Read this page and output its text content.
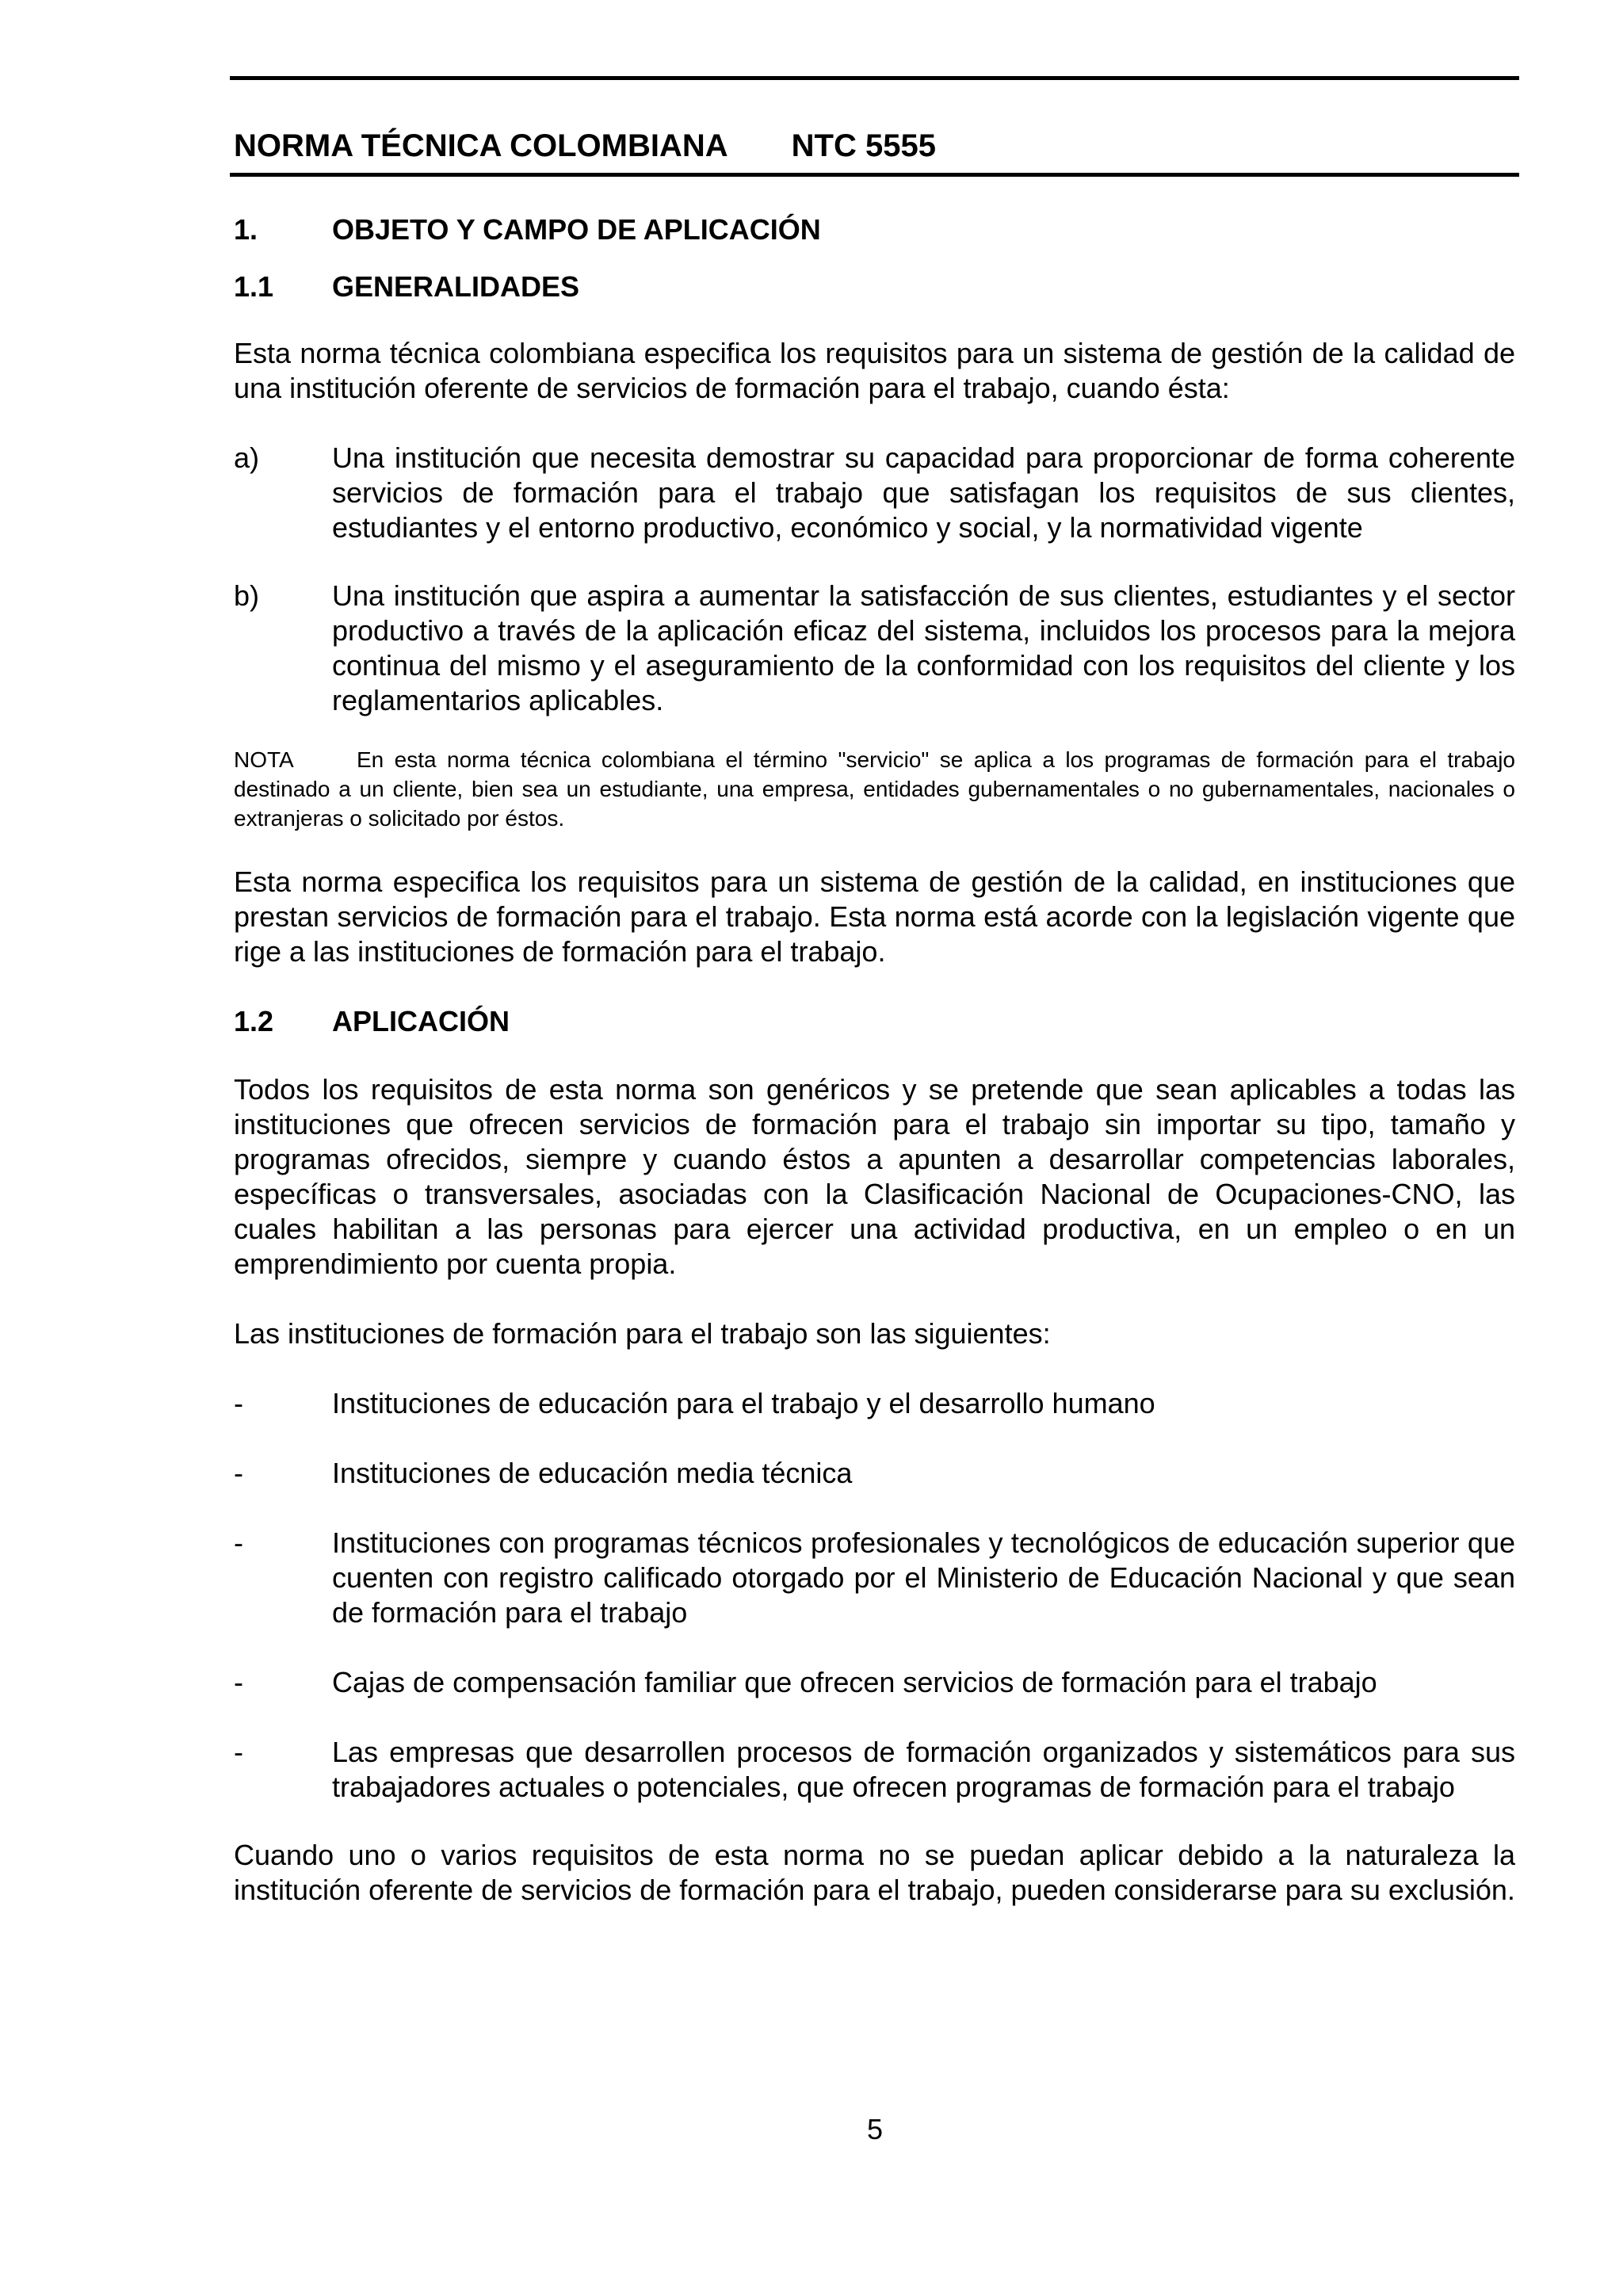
NORMA TÉCNICA COLOMBIANA NTC 5555
1.	OBJETO Y CAMPO DE APLICACIÓN
1.1	GENERALIDADES

Esta norma técnica colombiana especifica los requisitos para un sistema de gestión de la calidad de una institución oferente de servicios de formación para el trabajo, cuando ésta:

a)	Una institución que necesita demostrar su capacidad para proporcionar de forma coherente servicios de formación para el trabajo que satisfagan los requisitos de sus clientes, estudiantes y el entorno productivo, económico y social, y la normatividad vigente
b)	Una institución que aspira a aumentar la satisfacción de sus clientes, estudiantes y el sector productivo a través de la aplicación eficaz del sistema, incluidos los procesos para la mejora continua del mismo y el aseguramiento de la conformidad con los requisitos del cliente y los reglamentarios aplicables.

NOTA	En esta norma técnica colombiana el término "servicio" se aplica a los programas de formación para el trabajo destinado a un cliente, bien sea un estudiante, una empresa, entidades gubernamentales o no gubernamentales, nacionales o extranjeras o solicitado por éstos.

Esta norma especifica los requisitos para un sistema de gestión de la calidad, en instituciones que prestan servicios de formación para el trabajo. Esta norma está acorde con la legislación vigente que rige a las instituciones de formación para el trabajo.

1.2	APLICACIÓN

Todos los requisitos de esta norma son genéricos y se pretende que sean aplicables a todas las instituciones que ofrecen servicios de formación para el trabajo sin importar su tipo, tamaño y programas ofrecidos, siempre y cuando éstos a apunten a desarrollar competencias laborales, específicas o transversales, asociadas con la Clasificación Nacional de Ocupaciones-CNO, las cuales habilitan a las personas para ejercer una actividad productiva, en un empleo o en un emprendimiento por cuenta propia.

Las instituciones de formación para el trabajo son las siguientes:

-	Instituciones de educación para el trabajo y el desarrollo humano
-	Instituciones de educación media técnica
-	Instituciones con programas técnicos profesionales y tecnológicos de educación superior que cuenten con registro calificado otorgado por el Ministerio de Educación Nacional y que sean de formación para el trabajo
-	Cajas de compensación familiar que ofrecen servicios de formación para el trabajo
-	Las empresas que desarrollen procesos de formación organizados y sistemáticos para sus trabajadores actuales o potenciales, que ofrecen programas de formación para el trabajo

Cuando uno o varios requisitos de esta norma no se puedan aplicar debido a la naturaleza la institución oferente de servicios de formación para el trabajo, pueden considerarse para su exclusión.

5
